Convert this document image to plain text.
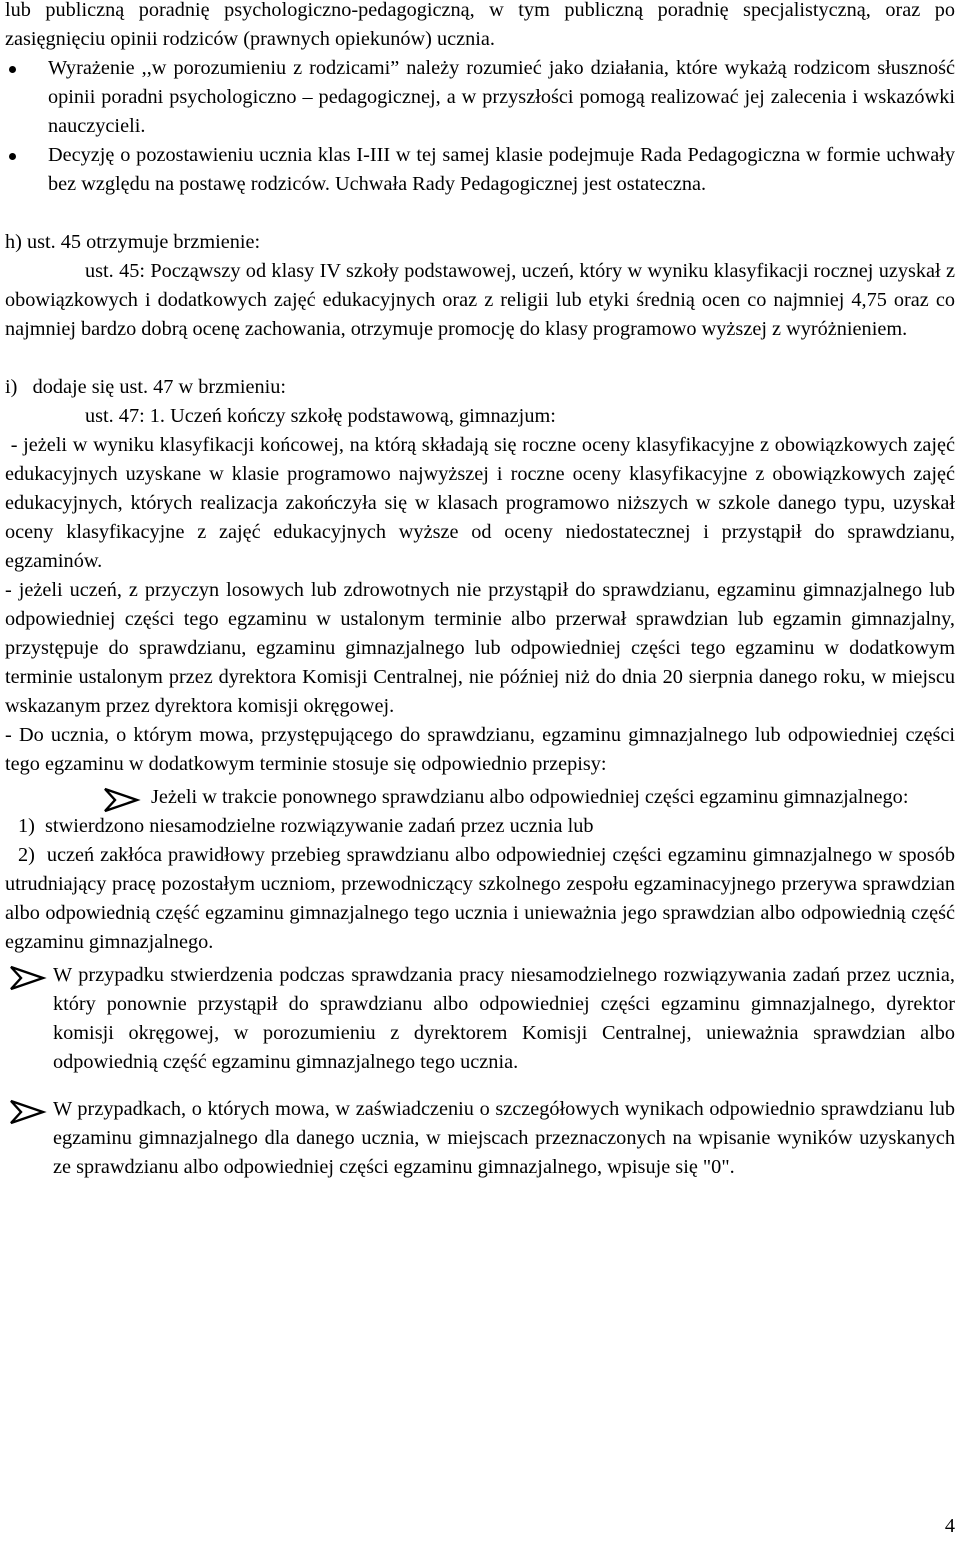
lub publiczną poradnię psychologiczno-pedagogiczną, w tym publiczną poradnię specjalistyczną, oraz po zasięgnięciu opinii rodziców (prawnych opiekunów) ucznia.

Wyrażenie ,,w porozumieniu z rodzicami” należy rozumieć jako działania, które wykażą rodzicom słuszność opinii poradni psychologiczno – pedagogicznej, a w przyszłości pomogą realizować jej zalecenia i wskazówki nauczycieli.

Decyzję o pozostawieniu ucznia klas I-III w tej samej klasie podejmuje Rada Pedagogiczna w formie uchwały bez względu na postawę rodziców. Uchwała Rady Pedagogicznej jest ostateczna.

h) ust. 45 otrzymuje brzmienie:

ust. 45: Począwszy od klasy IV szkoły podstawowej, uczeń, który w wyniku klasyfikacji rocznej uzyskał z obowiązkowych i dodatkowych zajęć edukacyjnych oraz z religii lub etyki średnią ocen co najmniej 4,75 oraz co najmniej bardzo dobrą ocenę zachowania, otrzymuje promocję do klasy programowo wyższej z wyróżnieniem.

i)   dodaje się ust. 47 w brzmieniu:

ust. 47: 1. Uczeń kończy szkołę podstawową, gimnazjum:

- jeżeli w wyniku klasyfikacji końcowej, na którą składają się roczne oceny klasyfikacyjne z obowiązkowych zajęć edukacyjnych uzyskane w klasie programowo najwyższej i roczne oceny klasyfikacyjne z obowiązkowych zajęć edukacyjnych, których realizacja zakończyła się w klasach programowo niższych w szkole danego typu, uzyskał oceny klasyfikacyjne z zajęć edukacyjnych wyższe od oceny niedostatecznej i przystąpił do sprawdzianu, egzaminów.

- jeżeli uczeń, z przyczyn losowych lub zdrowotnych nie przystąpił do sprawdzianu, egzaminu gimnazjalnego lub odpowiedniej części tego egzaminu w ustalonym terminie albo przerwał sprawdzian lub egzamin gimnazjalny, przystępuje do sprawdzianu, egzaminu gimnazjalnego lub odpowiedniej części tego egzaminu w dodatkowym terminie ustalonym przez dyrektora Komisji Centralnej, nie później niż do dnia 20 sierpnia danego roku, w miejscu wskazanym przez dyrektora komisji okręgowej.

- Do ucznia, o którym mowa, przystępującego do sprawdzianu, egzaminu gimnazjalnego lub odpowiedniej części tego egzaminu w dodatkowym terminie stosuje się odpowiednio przepisy:

Jeżeli w trakcie ponownego sprawdzianu albo odpowiedniej części egzaminu gimnazjalnego:

1)  stwierdzono niesamodzielne rozwiązywanie zadań przez ucznia lub

2)  uczeń zakłóca prawidłowy przebieg sprawdzianu albo odpowiedniej części egzaminu gimnazjalnego w sposób utrudniający pracę pozostałym uczniom, przewodniczący szkolnego zespołu egzaminacyjnego przerywa sprawdzian albo odpowiednią część egzaminu gimnazjalnego tego ucznia i unieważnia jego sprawdzian albo odpowiednią część egzaminu gimnazjalnego.

W przypadku stwierdzenia podczas sprawdzania pracy niesamodzielnego rozwiązywania zadań przez ucznia, który ponownie przystąpił do sprawdzianu albo odpowiedniej części egzaminu gimnazjalnego, dyrektor komisji okręgowej, w porozumieniu z dyrektorem Komisji Centralnej, unieważnia sprawdzian albo odpowiednią część egzaminu gimnazjalnego tego ucznia.

W przypadkach, o których mowa, w zaświadczeniu o szczegółowych wynikach odpowiednio sprawdzianu lub egzaminu gimnazjalnego dla danego ucznia, w miejscach przeznaczonych na wpisanie wyników uzyskanych ze sprawdzianu albo odpowiedniej części egzaminu gimnazjalnego, wpisuje się "0".

4
